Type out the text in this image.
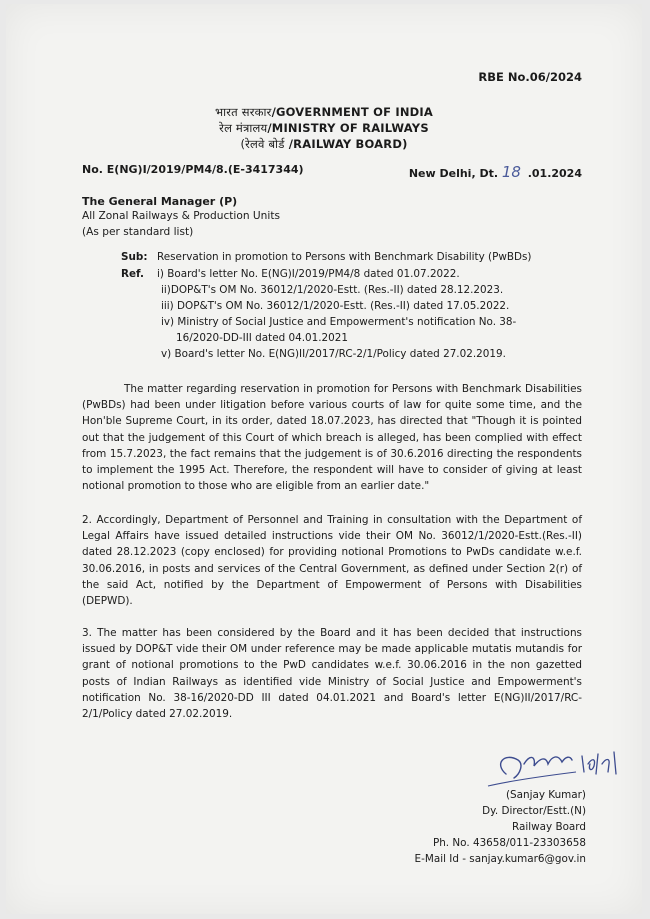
RBE No.06/2024
भारत सरकार/GOVERNMENT OF INDIA
रेल मंत्रालय/MINISTRY OF RAILWAYS
(रेलवे बोर्ड /RAILWAY BOARD)
No. E(NG)I/2019/PM4/8.(E-3417344)	New Delhi, Dt. 18 .01.2024
The General Manager (P)
All Zonal Railways & Production Units
(As per standard list)
Sub: Reservation in promotion to Persons with Benchmark Disability (PwBDs)
Ref. i) Board's letter No. E(NG)I/2019/PM4/8 dated 01.07.2022.
ii)DOP&T's OM No. 36012/1/2020-Estt. (Res.-II) dated 28.12.2023.
iii) DOP&T's OM No. 36012/1/2020-Estt. (Res.-II) dated 17.05.2022.
iv) Ministry of Social Justice and Empowerment's notification No. 38-
16/2020-DD-III dated 04.01.2021
v) Board's letter No. E(NG)II/2017/RC-2/1/Policy dated 27.02.2019.

The matter regarding reservation in promotion for Persons with Benchmark Disabilities (PwBDs) had been under litigation before various courts of law for quite some time, and the Hon'ble Supreme Court, in its order, dated 18.07.2023, has directed that "Though it is pointed out that the judgement of this Court of which breach is alleged, has been complied with effect from 15.7.2023, the fact remains that the judgement is of 30.6.2016 directing the respondents to implement the 1995 Act. Therefore, the respondent will have to consider of giving at least notional promotion to those who are eligible from an earlier date."

2. Accordingly, Department of Personnel and Training in consultation with the Department of Legal Affairs have issued detailed instructions vide their OM No. 36012/1/2020-Estt.(Res.-II) dated 28.12.2023 (copy enclosed) for providing notional Promotions to PwDs candidate w.e.f. 30.06.2016, in posts and services of the Central Government, as defined under Section 2(r) of the said Act, notified by the Department of Empowerment of Persons with Disabilities (DEPWD).

3. The matter has been considered by the Board and it has been decided that instructions issued by DOP&T vide their OM under reference may be made applicable mutatis mutandis for grant of notional promotions to the PwD candidates w.e.f. 30.06.2016 in the non gazetted posts of Indian Railways as identified vide Ministry of Social Justice and Empowerment's notification No. 38-16/2020-DD III dated 04.01.2021 and Board's letter E(NG)II/2017/RC-2/1/Policy dated 27.02.2019.

(Sanjay Kumar)
Dy. Director/Estt.(N)
Railway Board
Ph. No. 43658/011-23303658
E-Mail Id - sanjay.kumar6@gov.in
